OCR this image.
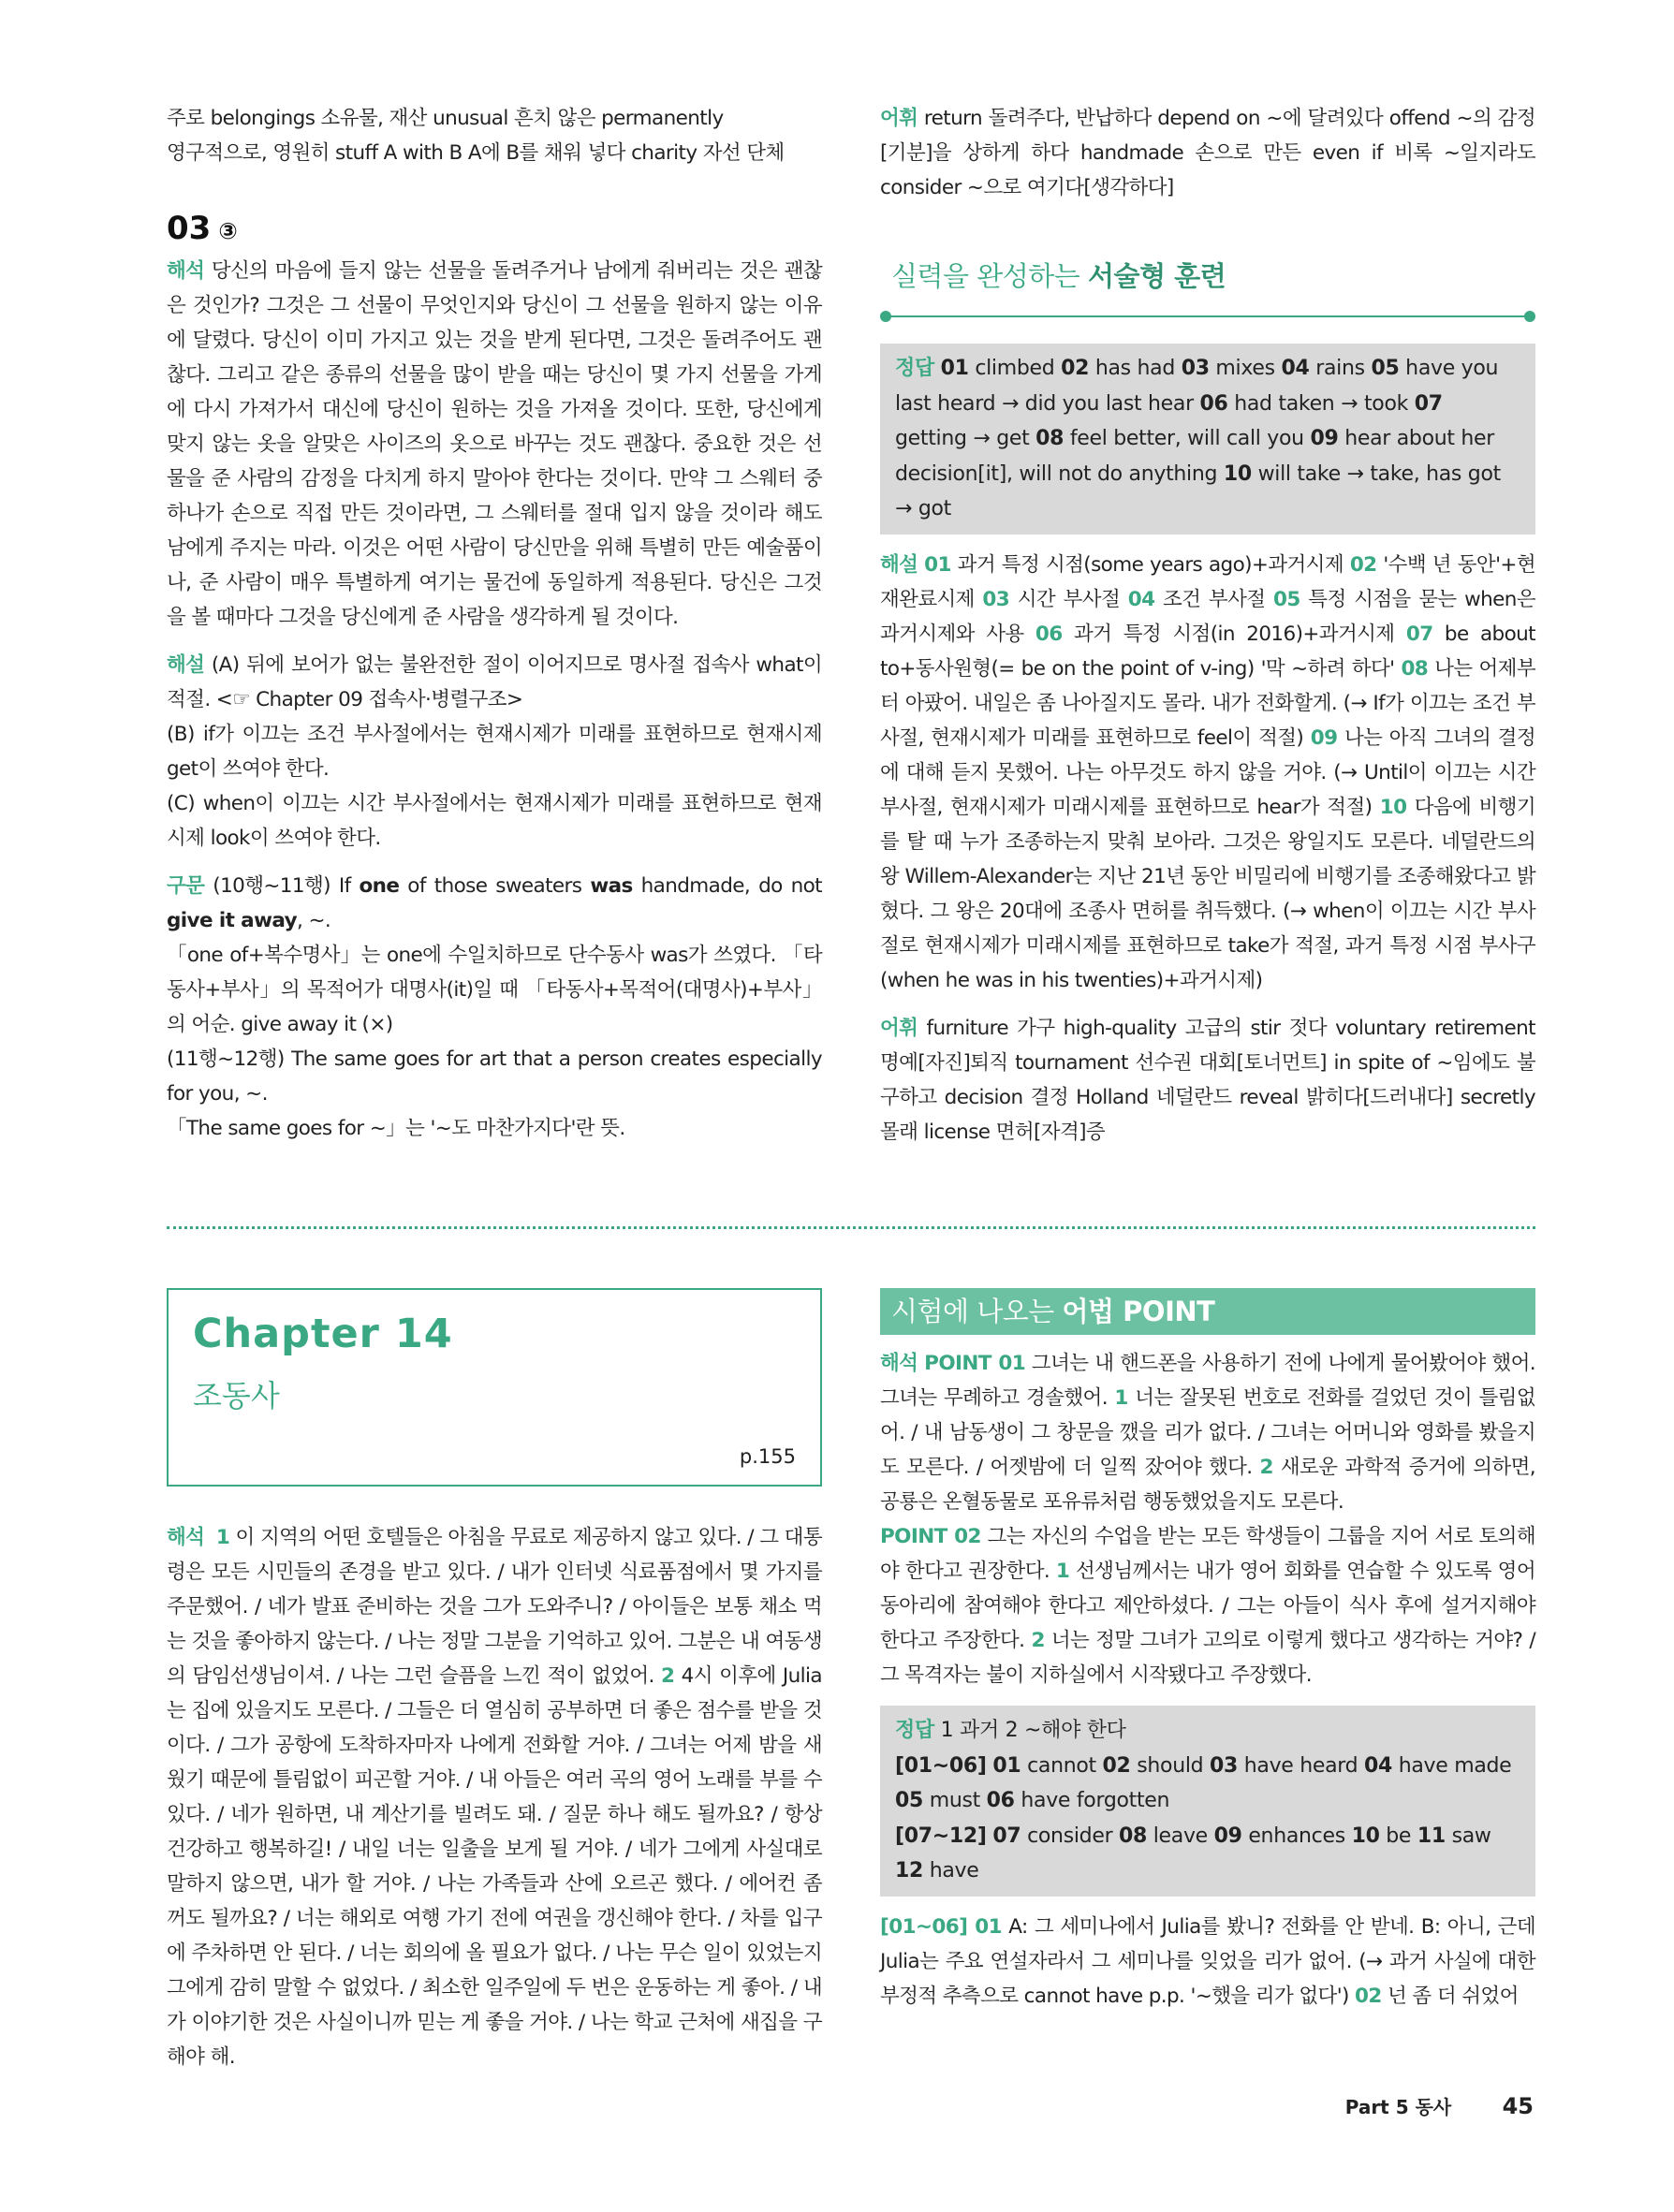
주로 belongings 소유물, 재산 unusual 흔치 않은 permanently

영구적으로, 영원히 stuff A with B A에 B를 채워 넣다 charity 자선 단체

03 ③

해석 당신의 마음에 들지 않는 선물을 돌려주거나 남에게 줘버리는 것은 괜찮은 것인가? 그것은 그 선물이 무엇인지와 당신이 그 선물을 원하지 않는 이유에 달렸다. 당신이 이미 가지고 있는 것을 받게 된다면, 그것은 돌려주어도 괜찮다. 그리고 같은 종류의 선물을 많이 받을 때는 당신이 몇 가지 선물을 가게에 다시 가져가서 대신에 당신이 원하는 것을 가져올 것이다. 또한, 당신에게 맞지 않는 옷을 알맞은 사이즈의 옷으로 바꾸는 것도 괜찮다. 중요한 것은 선물을 준 사람의 감정을 다치게 하지 말아야 한다는 것이다. 만약 그 스웨터 중 하나가 손으로 직접 만든 것이라면, 그 스웨터를 절대 입지 않을 것이라 해도 남에게 주지는 마라. 이것은 어떤 사람이 당신만을 위해 특별히 만든 예술품이나, 준 사람이 매우 특별하게 여기는 물건에 동일하게 적용된다. 당신은 그것을 볼 때마다 그것을 당신에게 준 사람을 생각하게 될 것이다.

해설 (A) 뒤에 보어가 없는 불완전한 절이 이어지므로 명사절 접속사 what이 적절. <☞ Chapter 09 접속사·병렬구조>

(B) if가 이끄는 조건 부사절에서는 현재시제가 미래를 표현하므로 현재시제 get이 쓰여야 한다.

(C) when이 이끄는 시간 부사절에서는 현재시제가 미래를 표현하므로 현재시제 look이 쓰여야 한다.

구문 (10행~11행) If one of those sweaters was handmade, do not give it away, ~.

「one of+복수명사」는 one에 수일치하므로 단수동사 was가 쓰였다. 「타동사+부사」의 목적어가 대명사(it)일 때 「타동사+목적어(대명사)+부사」의 어순. give away it (×)

(11행~12행) The same goes for art that a person creates especially for you, ~.

「The same goes for ~」는 '~도 마찬가지다'란 뜻.

어휘 return 돌려주다, 반납하다 depend on ~에 달려있다 offend ~의 감정[기분]을 상하게 하다 handmade 손으로 만든 even if 비록 ~일지라도 consider ~으로 여기다[생각하다]

실력을 완성하는 서술형 훈련

정답 01 climbed 02 has had 03 mixes 04 rains 05 have you last heard → did you last hear 06 had taken → took 07 getting → get 08 feel better, will call you 09 hear about her decision[it], will not do anything 10 will take → take, has got → got

해설 01 과거 특정 시점(some years ago)+과거시제 02 '수백 년 동안'+현재완료시제 03 시간 부사절 04 조건 부사절 05 특정 시점을 묻는 when은 과거시제와 사용 06 과거 특정 시점(in 2016)+과거시제 07 be about to+동사원형(= be on the point of v-ing) '막 ~하려 하다' 08 나는 어제부터 아팠어. 내일은 좀 나아질지도 몰라. 내가 전화할게. (→ If가 이끄는 조건 부사절, 현재시제가 미래를 표현하므로 feel이 적절) 09 나는 아직 그녀의 결정에 대해 듣지 못했어. 나는 아무것도 하지 않을 거야. (→ Until이 이끄는 시간 부사절, 현재시제가 미래시제를 표현하므로 hear가 적절) 10 다음에 비행기를 탈 때 누가 조종하는지 맞춰 보아라. 그것은 왕일지도 모른다. 네덜란드의 왕 Willem-Alexander는 지난 21년 동안 비밀리에 비행기를 조종해왔다고 밝혔다. 그 왕은 20대에 조종사 면허를 취득했다. (→ when이 이끄는 시간 부사절로 현재시제가 미래시제를 표현하므로 take가 적절, 과거 특정 시점 부사구(when he was in his twenties)+과거시제)

어휘 furniture 가구 high-quality 고급의 stir 젓다 voluntary retirement 명예[자진]퇴직 tournament 선수권 대회[토너먼트] in spite of ~임에도 불구하고 decision 결정 Holland 네덜란드 reveal 밝히다[드러내다] secretly 몰래 license 면허[자격]증

Chapter 14
조동사
p.155

해석 1 이 지역의 어떤 호텔들은 아침을 무료로 제공하지 않고 있다. / 그 대통령은 모든 시민들의 존경을 받고 있다. / 내가 인터넷 식료품점에서 몇 가지를 주문했어. / 네가 발표 준비하는 것을 그가 도와주니? / 아이들은 보통 채소 먹는 것을 좋아하지 않는다. / 나는 정말 그분을 기억하고 있어. 그분은 내 여동생의 담임선생님이셔. / 나는 그런 슬픔을 느낀 적이 없었어. 2 4시 이후에 Julia는 집에 있을지도 모른다. / 그들은 더 열심히 공부하면 더 좋은 점수를 받을 것이다. / 그가 공항에 도착하자마자 나에게 전화할 거야. / 그녀는 어제 밤을 새웠기 때문에 틀림없이 피곤할 거야. / 내 아들은 여러 곡의 영어 노래를 부를 수 있다. / 네가 원하면, 내 계산기를 빌려도 돼. / 질문 하나 해도 될까요? / 항상 건강하고 행복하길! / 내일 너는 일출을 보게 될 거야. / 네가 그에게 사실대로 말하지 않으면, 내가 할 거야. / 나는 가족들과 산에 오르곤 했다. / 에어컨 좀 꺼도 될까요? / 너는 해외로 여행 가기 전에 여권을 갱신해야 한다. / 차를 입구에 주차하면 안 된다. / 너는 회의에 올 필요가 없다. / 나는 무슨 일이 있었는지 그에게 감히 말할 수 없었다. / 최소한 일주일에 두 번은 운동하는 게 좋아. / 내가 이야기한 것은 사실이니까 믿는 게 좋을 거야. / 나는 학교 근처에 새집을 구해야 해.

시험에 나오는 어법 POINT

해석 POINT 01 그녀는 내 핸드폰을 사용하기 전에 나에게 물어봤어야 했어. 그녀는 무례하고 경솔했어. 1 너는 잘못된 번호로 전화를 걸었던 것이 틀림없어. / 내 남동생이 그 창문을 깼을 리가 없다. / 그녀는 어머니와 영화를 봤을지도 모른다. / 어젯밤에 더 일찍 잤어야 했다. 2 새로운 과학적 증거에 의하면, 공룡은 온혈동물로 포유류처럼 행동했었을지도 모른다.

POINT 02 그는 자신의 수업을 받는 모든 학생들이 그룹을 지어 서로 토의해야 한다고 권장한다. 1 선생님께서는 내가 영어 회화를 연습할 수 있도록 영어 동아리에 참여해야 한다고 제안하셨다. / 그는 아들이 식사 후에 설거지해야 한다고 주장한다. 2 너는 정말 그녀가 고의로 이렇게 했다고 생각하는 거야? / 그 목격자는 불이 지하실에서 시작됐다고 주장했다.

정답 1 과거 2 ~해야 한다

[01~06] 01 cannot 02 should 03 have heard 04 have made 05 must 06 have forgotten

[07~12] 07 consider 08 leave 09 enhances 10 be 11 saw 12 have

[01~06] 01 A: 그 세미나에서 Julia를 봤니? 전화를 안 받네. B: 아니, 근데 Julia는 주요 연설자라서 그 세미나를 잊었을 리가 없어. (→ 과거 사실에 대한 부정적 추측으로 cannot have p.p. '~했을 리가 없다') 02 넌 좀 더 쉬었어

Part 5 동사 45
